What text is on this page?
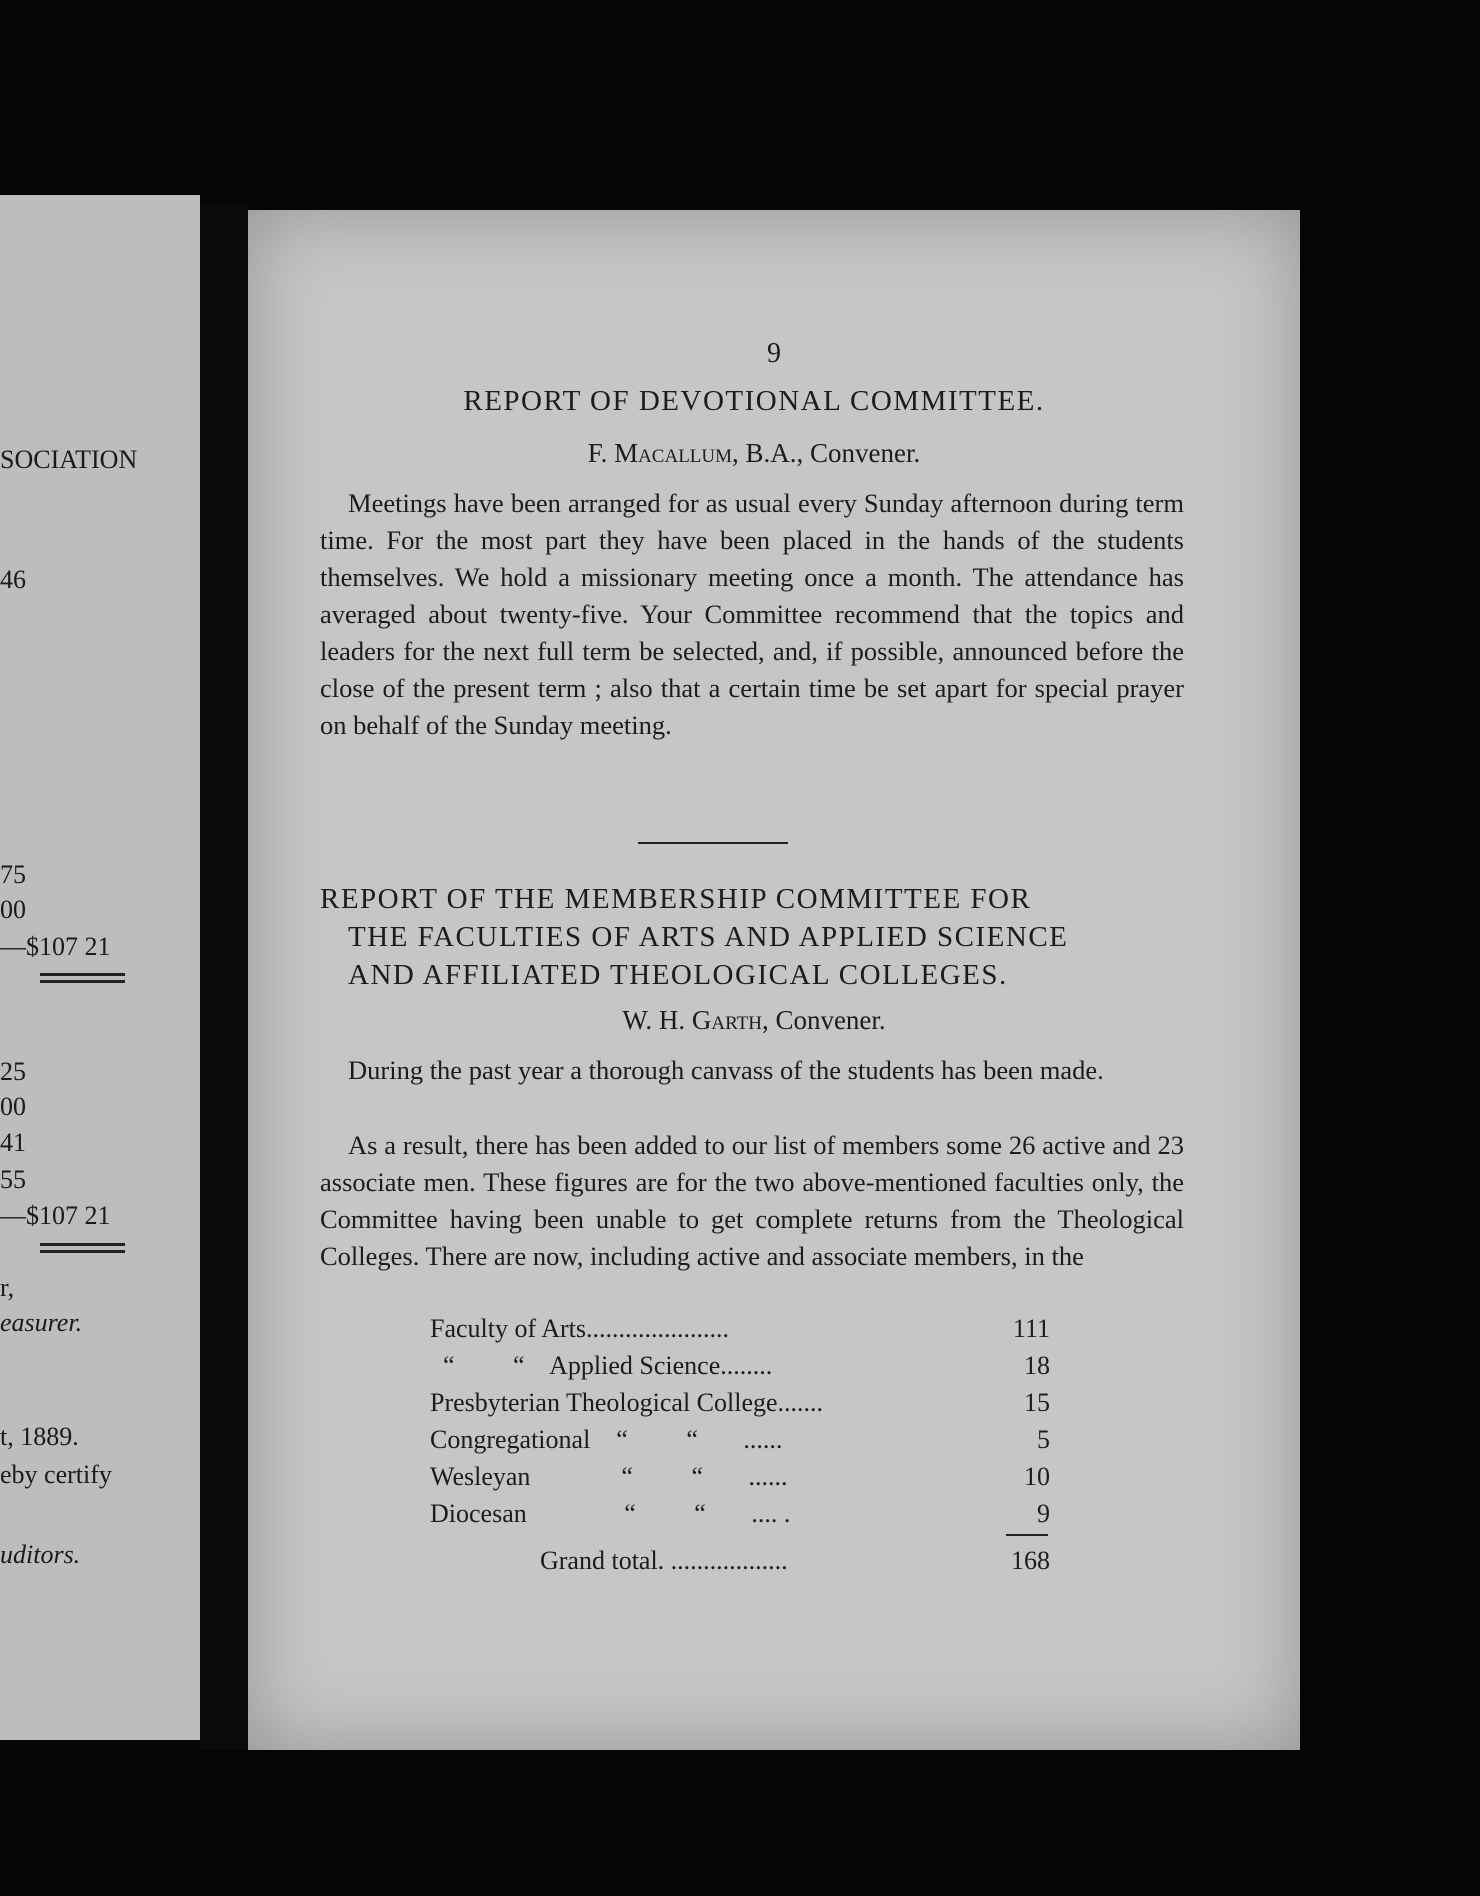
SOCIATION
46
75
00
—$107 21
25
00
41
55
—$107 21
r,
easurer.
t, 1889.
eby certify
uditors.
9
REPORT OF DEVOTIONAL COMMITTEE.
F. Macallum, B.A., Convener.

Meetings have been arranged for as usual every Sunday afternoon during term time. For the most part they have been placed in the hands of the students themselves. We hold a missionary meeting once a month. The attendance has averaged about twenty-five. Your Committee recommend that the topics and leaders for the next full term be selected, and, if possible, announced before the close of the present term ; also that a certain time be set apart for special prayer on behalf of the Sunday meeting.

REPORT OF THE MEMBERSHIP COMMITTEE FOR
THE FACULTIES OF ARTS AND APPLIED SCIENCE
AND AFFILIATED THEOLOGICAL COLLEGES.
W. H. Garth, Convener.

During the past year a thorough canvass of the students has been made.

As a result, there has been added to our list of members some 26 active and 23 associate men. These figures are for the two above-mentioned faculties only, the Committee having been unable to get complete returns from the Theological Colleges. There are now, including active and associate members, in the

Faculty of Arts......................	111
“         “    Applied Science........	18
Presbyterian Theological College.......	15
Congregational    “         “       ......	5
Wesleyan              “         “       ......	10
Diocesan               “         “       .... .	9
Grand total. ..................	168
